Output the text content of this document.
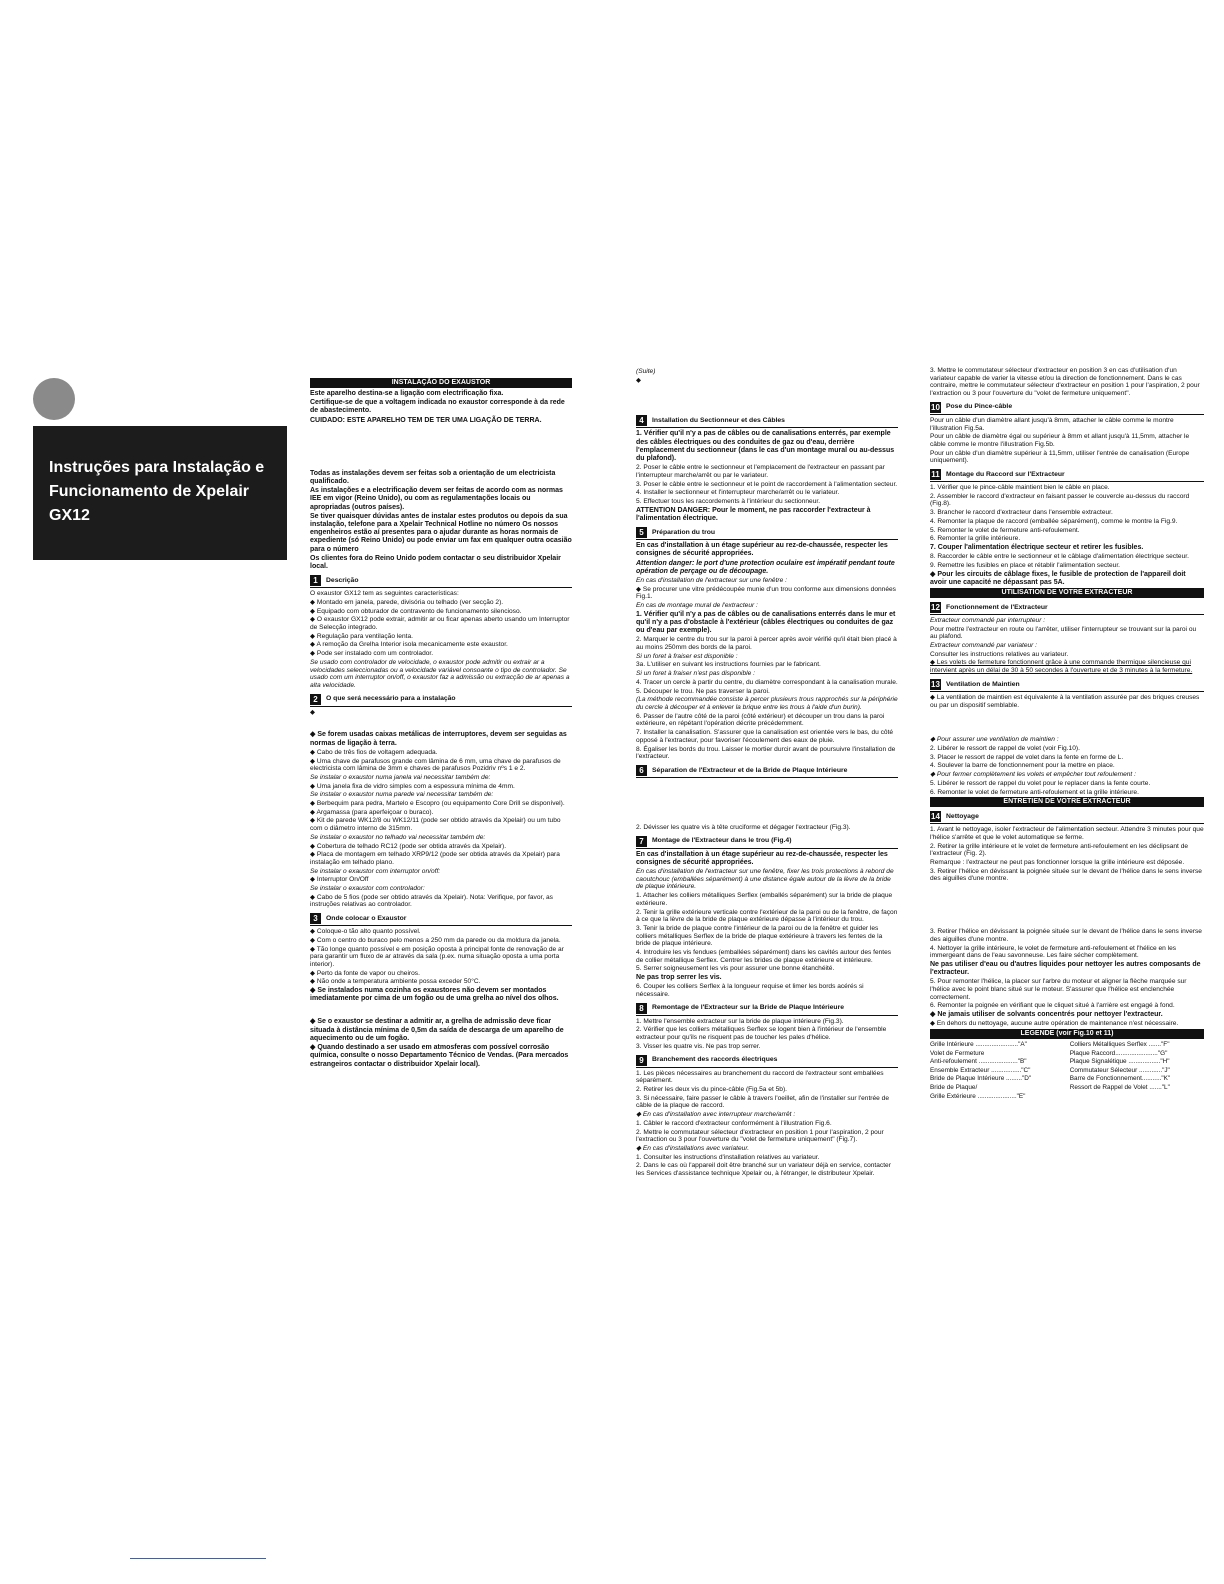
Instruções para Instalação e
Funcionamento de Xpelair GX12
INSTALAÇÃO DO EXAUSTOR

Este aparelho destina-se a ligação com electrificação fixa.

Certifique-se de que a voltagem indicada no exaustor corresponde à da rede de abastecimento.

CUIDADO: ESTE APARELHO TEM DE TER UMA LIGAÇÃO DE TERRA.

Todas as instalações devem ser feitas sob a orientação de um electricista qualificado.

As instalações e a electrificação devem ser feitas de acordo com as normas IEE em vigor (Reino Unido), ou com as regulamentações locais ou apropriadas (outros países).

Se tiver quaisquer dúvidas antes de instalar estes produtos ou depois da sua instalação, telefone para a Xpelair Technical Hotline no número Os nossos engenheiros estão aí presentes para o ajudar durante as horas normais de expediente (só Reino Unido) ou pode enviar um fax em qualquer outra ocasião para o número

Os clientes fora do Reino Unido podem contactar o seu distribuidor Xpelair local.

1	Descrição

O exaustor GX12 tem as seguintes características:

◆ Montado em janela, parede, divisória ou telhado (ver secção 2).

◆ Equipado com obturador de contravento de funcionamento silencioso.

◆ O exaustor GX12 pode extrair, admitir ar ou ficar apenas aberto usando um Interruptor de Selecção integrado.

◆ Regulação para ventilação lenta.

◆ A remoção da Grelha Interior isola mecanicamente este exaustor.

◆ Pode ser instalado com um controlador.

Se usado com controlador de velocidade, o exaustor pode admitir ou extrair ar a velocidades seleccionadas ou a velocidade variável consoante o tipo de controlador. Se usado com um interruptor on/off, o exaustor faz a admissão ou extracção de ar apenas a alta velocidade.

2	O que será necessário para a instalação

◆

◆ Se forem usadas caixas metálicas de interruptores, devem ser seguidas as normas de ligação à terra.

◆ Cabo de três fios de voltagem adequada.

◆ Uma chave de parafusos grande com lâmina de 6 mm, uma chave de parafusos de electricista com lâmina de 3mm e chaves de parafusos Pozidriv nºs 1 e 2.

Se instalar o exaustor numa janela vai necessitar também de:

◆ Uma janela fixa de vidro simples com a espessura mínima de 4mm.

Se instalar o exaustor numa parede vai necessitar também de:

◆ Berbequim para pedra, Martelo e Escopro (ou equipamento Core Drill se disponível).

◆ Argamassa (para aperfeiçoar o buraco).

◆ Kit de parede WK12/8 ou WK12/11 (pode ser obtido através da Xpelair) ou um tubo com o diâmetro interno de 315mm.

Se instalar o exaustor no telhado vai necessitar também de:

◆ Cobertura de telhado RC12 (pode ser obtida através da Xpelair).

◆ Placa de montagem em telhado XRP9/12 (pode ser obtida através da Xpelair) para instalação em telhado plano.

Se instalar o exaustor com interruptor on/off:

◆ Interruptor On/Off

Se instalar o exaustor com controlador:

◆ Cabo de 5 fios (pode ser obtido através da Xpelair). Nota: Verifique, por favor, as instruções relativas ao controlador.

3	Onde colocar o Exaustor

◆ Coloque-o tão alto quanto possível.

◆ Com o centro do buraco pelo menos a 250 mm da parede ou da moldura da janela.

◆ Tão longe quanto possível e em posição oposta à principal fonte de renovação de ar para garantir um fluxo de ar através da sala (p.ex. numa situação oposta a uma porta interior).

◆ Perto da fonte de vapor ou cheiros.

◆ Não onde a temperatura ambiente possa exceder 50°C.

◆ Se instalados numa cozinha os exaustores não devem ser montados imediatamente por cima de um fogão ou de uma grelha ao nível dos olhos.

◆ Se o exaustor se destinar a admitir ar, a grelha de admissão deve ficar situada à distância mínima de 0,5m da saída de descarga de um aparelho de aquecimento ou de um fogão.

◆ Quando destinado a ser usado em atmosferas com possível corrosão química, consulte o nosso Departamento Técnico de Vendas. (Para mercados estrangeiros contactar o distribuidor Xpelair local).

(Suite)

◆

4	Installation du Sectionneur et des Câbles

1. Vérifier qu'il n'y a pas de câbles ou de canalisations enterrés, par exemple des câbles électriques ou des conduites de gaz ou d'eau, derrière l'emplacement du sectionneur (dans le cas d'un montage mural ou au-dessus du plafond).

2. Poser le câble entre le sectionneur et l'emplacement de l'extracteur en passant par l'interrupteur marche/arrêt ou par le variateur.

3. Poser le câble entre le sectionneur et le point de raccordement à l'alimentation secteur.

4. Installer le sectionneur et l'interrupteur marche/arrêt ou le variateur.

5. Effectuer tous les raccordements à l'intérieur du sectionneur.

ATTENTION DANGER: Pour le moment, ne pas raccorder l'extracteur à l'alimentation électrique.

5	Préparation du trou

En cas d'installation à un étage supérieur au rez-de-chaussée, respecter les consignes de sécurité appropriées.

Attention danger: le port d'une protection oculaire est impératif pendant toute opération de perçage ou de découpage.

En cas d'installation de l'extracteur sur une fenêtre :

◆ Se procurer une vitre prédécoupée munie d'un trou conforme aux dimensions données Fig.1.

En cas de montage mural de l'extracteur :

1. Vérifier qu'il n'y a pas de câbles ou de canalisations enterrés dans le mur et qu'il n'y a pas d'obstacle à l'extérieur (câbles électriques ou conduites de gaz ou d'eau par exemple).

2. Marquer le centre du trou sur la paroi à percer après avoir vérifié qu'il était bien placé à au moins 250mm des bords de la paroi.

Si un foret à fraiser est disponible :

3a. L'utiliser en suivant les instructions fournies par le fabricant.

Si un foret à fraiser n'est pas disponible :

4. Tracer un cercle à partir du centre, du diamètre correspondant à la canalisation murale.

5. Découper le trou. Ne pas traverser la paroi.

(La méthode recommandée consiste à percer plusieurs trous rapprochés sur la périphérie du cercle à découper et à enlever la brique entre les trous à l'aide d'un burin).

6. Passer de l'autre côté de la paroi (côté extérieur) et découper un trou dans la paroi extérieure, en répétant l'opération décrite précédemment.

7. Installer la canalisation. S'assurer que la canalisation est orientée vers le bas, du côté opposé à l'extracteur, pour favoriser l'écoulement des eaux de pluie.

8. Égaliser les bords du trou. Laisser le mortier durcir avant de poursuivre l'installation de l'extracteur.

6	Séparation de l'Extracteur et de la Bride de Plaque Intérieure

2. Dévisser les quatre vis à tête cruciforme et dégager l'extracteur (Fig.3).

7	Montage de l'Extracteur dans le trou (Fig.4)

En cas d'installation à un étage supérieur au rez-de-chaussée, respecter les consignes de sécurité appropriées.

En cas d'installation de l'extracteur sur une fenêtre, fixer les trois protections à rebord de caoutchouc (emballées séparément) à une distance égale autour de la lèvre de la bride de plaque intérieure.

1. Attacher les colliers métalliques Serflex (emballés séparément) sur la bride de plaque extérieure.

2. Tenir la grille extérieure verticale contre l'extérieur de la paroi ou de la fenêtre, de façon à ce que la lèvre de la bride de plaque extérieure dépasse à l'intérieur du trou.

3. Tenir la bride de plaque contre l'intérieur de la paroi ou de la fenêtre et guider les colliers métalliques Serflex de la bride de plaque extérieure à travers les fentes de la bride de plaque intérieure.

4. Introduire les vis fendues (emballées séparément) dans les cavités autour des fentes de collier métallique Serflex. Centrer les brides de plaque extérieure et intérieure.

5. Serrer soigneusement les vis pour assurer une bonne étanchéité.

Ne pas trop serrer les vis.

6. Couper les colliers Serflex à la longueur requise et limer les bords acérés si nécessaire.

8	Remontage de l'Extracteur sur la Bride de Plaque Intérieure

1. Mettre l'ensemble extracteur sur la bride de plaque intérieure (Fig.3).

2. Vérifier que les colliers métalliques Serflex se logent bien à l'intérieur de l'ensemble extracteur pour qu'ils ne risquent pas de toucher les pales d'hélice.

3. Visser les quatre vis. Ne pas trop serrer.

9	Branchement des raccords électriques

1. Les pièces nécessaires au branchement du raccord de l'extracteur sont emballées séparément.

2. Retirer les deux vis du pince-câble (Fig.5a et 5b).

3. Si nécessaire, faire passer le câble à travers l'oeillet, afin de l'installer sur l'entrée de câble de la plaque de raccord.

◆ En cas d'installation avec interrupteur marche/arrêt :

1. Câbler le raccord d'extracteur conformément à l'illustration Fig.6.

2. Mettre le commutateur sélecteur d'extracteur en position 1 pour l'aspiration, 2 pour l'extraction ou 3 pour l'ouverture du "volet de fermeture uniquement" (Fig.7).

◆ En cas d'installations avec variateur.

1. Consulter les instructions d'installation relatives au variateur.

2. Dans le cas où l'appareil doit être branché sur un variateur déjà en service, contacter les Services d'assistance technique Xpelair ou, à l'étranger, le distributeur Xpelair.

3. Mettre le commutateur sélecteur d'extracteur en position 3 en cas d'utilisation d'un variateur capable de varier la vitesse et/ou la direction de fonctionnement. Dans le cas contraire, mettre le commutateur sélecteur d'extracteur en position 1 pour l'aspiration, 2 pour l'extraction ou 3 pour l'ouverture du "volet de fermeture uniquement".

10 Pose du Pince-câble

Pour un câble d'un diamètre allant jusqu'à 8mm, attacher le câble comme le montre l'illustration Fig.5a.

Pour un câble de diamètre égal ou supérieur à 8mm et allant jusqu'à 11,5mm, attacher le câble comme le montre l'illustration Fig.5b.

Pour un câble d'un diamètre supérieur à 11,5mm, utiliser l'entrée de canalisation (Europe uniquement).

11 Montage du Raccord sur l'Extracteur

1. Vérifier que le pince-câble maintient bien le câble en place.

2. Assembler le raccord d'extracteur en faisant passer le couvercle au-dessus du raccord (Fig.8).

3. Brancher le raccord d'extracteur dans l'ensemble extracteur.

4. Remonter la plaque de raccord (emballée séparément), comme le montre la Fig.9.

5. Remonter le volet de fermeture anti-refoulement.

6. Remonter la grille intérieure.

7. Couper l'alimentation électrique secteur et retirer les fusibles.

8. Raccorder le câble entre le sectionneur et le câblage d'alimentation électrique secteur.

9. Remettre les fusibles en place et rétablir l'alimentation secteur.

◆ Pour les circuits de câblage fixes, le fusible de protection de l'appareil doit avoir une capacité ne dépassant pas 5A.

UTILISATION DE VOTRE EXTRACTEUR
12 Fonctionnement de l'Extracteur

Extracteur commandé par interrupteur :

Pour mettre l'extracteur en route ou l'arrêter, utiliser l'interrupteur se trouvant sur la paroi ou au plafond.

Extracteur commandé par variateur :

Consulter les instructions relatives au variateur.

◆ Les volets de fermeture fonctionnent grâce à une commande thermique silencieuse qui intervient après un délai de 30 à 50 secondes à l'ouverture et de 3 minutes à la fermeture.

13 Ventilation de Maintien

◆ La ventilation de maintien est équivalente à la ventilation assurée par des briques creuses ou par un dispositif semblable.

◆ Pour assurer une ventilation de maintien :

2. Libérer le ressort de rappel de volet (voir Fig.10).

3. Placer le ressort de rappel de volet dans la fente en forme de L.

4. Soulever la barre de fonctionnement pour la mettre en place.

◆ Pour fermer complètement les volets et empêcher tout refoulement :

5. Libérer le ressort de rappel du volet pour le replacer dans la fente courte.

6. Remonter le volet de fermeture anti-refoulement et la grille intérieure.

ENTRETIEN DE VOTRE EXTRACTEUR
14 Nettoyage

1. Avant le nettoyage, isoler l'extracteur de l'alimentation secteur. Attendre 3 minutes pour que l'hélice s'arrête et que le volet automatique se ferme.

2. Retirer la grille intérieure et le volet de fermeture anti-refoulement en les déclipsant de l'extracteur (Fig. 2).

Remarque : l'extracteur ne peut pas fonctionner lorsque la grille intérieure est déposée.

3. Retirer l'hélice en dévissant la poignée située sur le devant de l'hélice dans le sens inverse des aiguilles d'une montre.

3. Retirer l'hélice en dévissant la poignée située sur le devant de l'hélice dans le sens inverse des aiguilles d'une montre.

4. Nettoyer la grille intérieure, le volet de fermeture anti-refoulement et l'hélice en les immergeant dans de l'eau savonneuse. Les faire sécher complètement.

Ne pas utiliser d'eau ou d'autres liquides pour nettoyer les autres composants de l'extracteur.

5. Pour remonter l'hélice, la placer sur l'arbre du moteur et aligner la flèche marquée sur l'hélice avec le point blanc situé sur le moteur. S'assurer que l'hélice est enclenchée correctement.

6. Remonter la poignée en vérifiant que le cliquet situé à l'arrière est engagé à fond.

◆ Ne jamais utiliser de solvants concentrés pour nettoyer l'extracteur.

◆ En dehors du nettoyage, aucune autre opération de maintenance n'est nécessaire.

LEGENDE (voir Fig.10 et 11)

Grille Intérieure ........................"A"

Volet de Fermeture

Anti-refoulement ......................"B"

Ensemble Extracteur ................."C"

Bride de Plaque Intérieure ........."D"

Bride de Plaque/

Grille Extérieure ......................"E"

Colliers Métalliques Serflex ......."F"

Plaque Raccord........................"G"

Plaque Signalétique .................."H"

Commutateur Sélecteur ............."J"

Barre de Fonctionnement..........."K"

Ressort de Rappel de Volet ......."L"
